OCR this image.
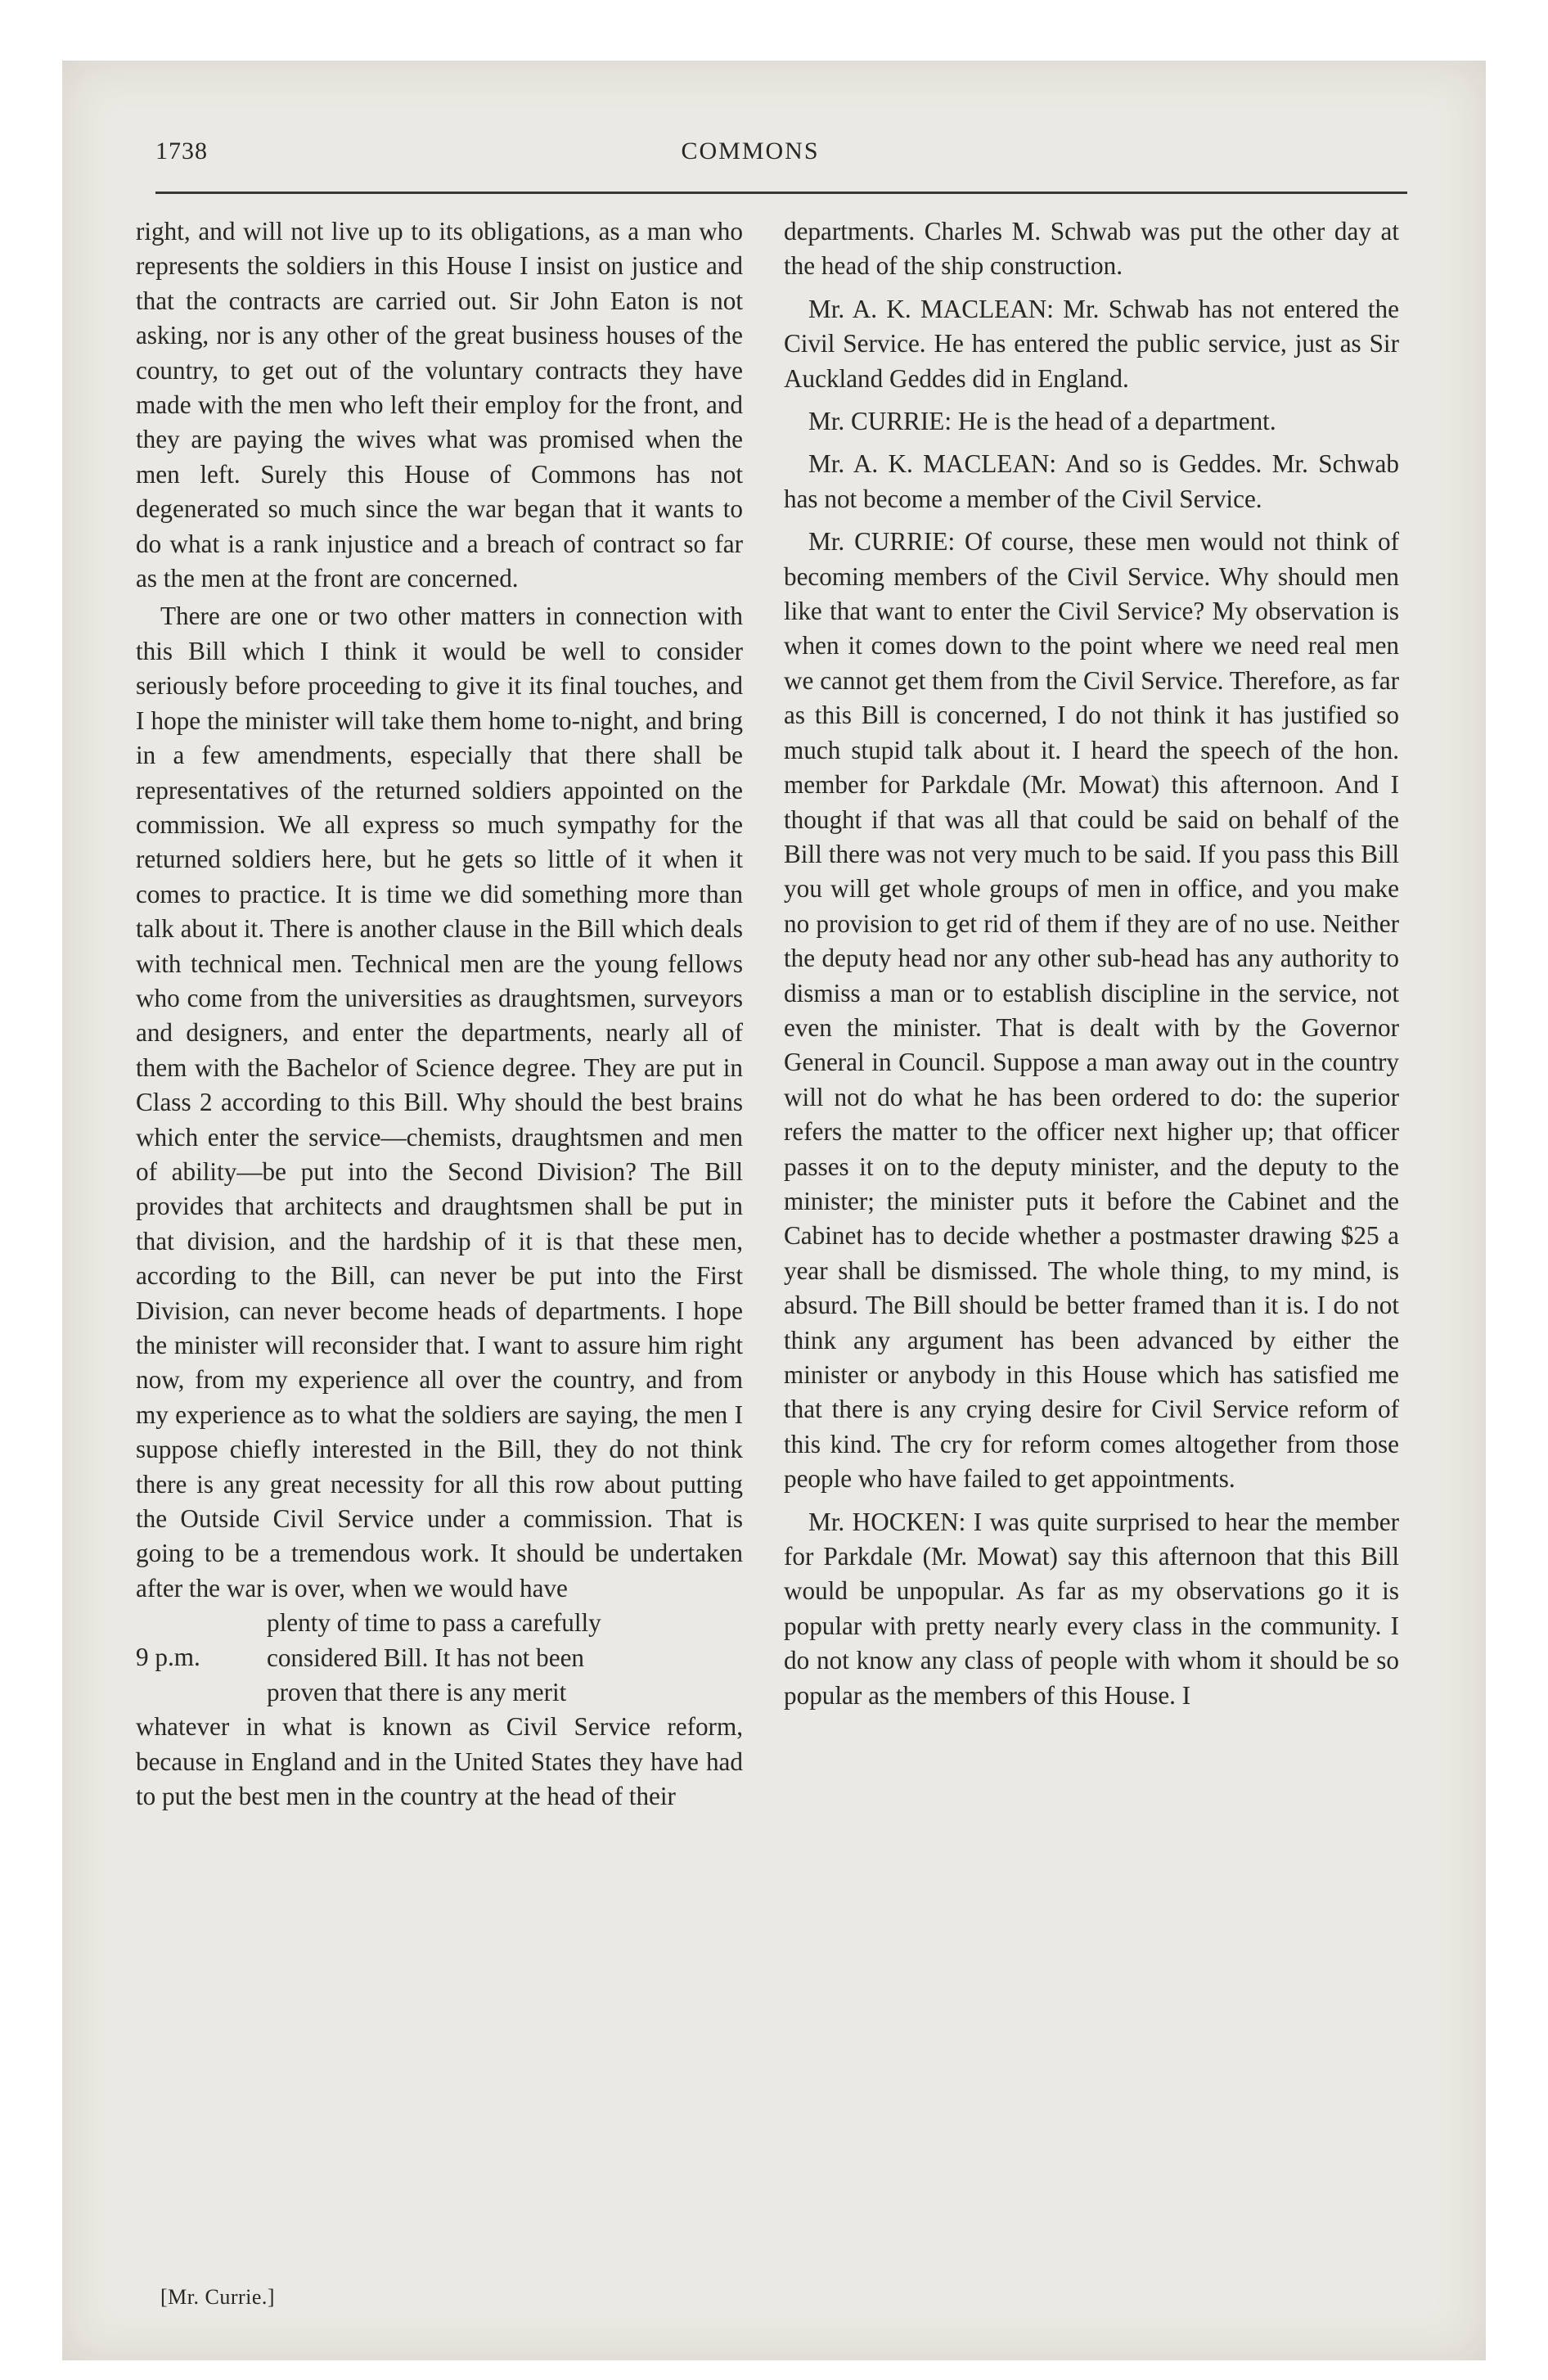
1738	COMMONS

right, and will not live up to its obligations, as a man who represents the soldiers in this House I insist on justice and that the contracts are carried out. Sir John Eaton is not asking, nor is any other of the great business houses of the country, to get out of the voluntary contracts they have made with the men who left their employ for the front, and they are paying the wives what was promised when the men left. Surely this House of Commons has not degenerated so much since the war began that it wants to do what is a rank injustice and a breach of contract so far as the men at the front are concerned.

There are one or two other matters in connection with this Bill which I think it would be well to consider seriously before proceeding to give it its final touches, and I hope the minister will take them home to-night, and bring in a few amendments, especially that there shall be representatives of the returned soldiers appointed on the commission. We all express so much sympathy for the returned soldiers here, but he gets so little of it when it comes to practice. It is time we did something more than talk about it. There is another clause in the Bill which deals with technical men. Technical men are the young fellows who come from the universities as draughtsmen, surveyors and designers, and enter the departments, nearly all of them with the Bachelor of Science degree. They are put in Class 2 according to this Bill. Why should the best brains which enter the service—chemists, draughtsmen and men of ability—be put into the Second Division? The Bill provides that architects and draughtsmen shall be put in that division, and the hardship of it is that these men, according to the Bill, can never be put into the First Division, can never become heads of departments. I hope the minister will reconsider that. I want to assure him right now, from my experience all over the country, and from my experience as to what the soldiers are saying, the men I suppose chiefly interested in the Bill, they do not think there is any great necessity for all this row about putting the Outside Civil Service under a commission. That is going to be a tremendous work. It should be undertaken after the war is over, when we would have

9 p.m.
plenty of time to pass a carefully
considered Bill. It has not been
proven that there is any merit

whatever in what is known as Civil Service reform, because in England and in the United States they have had to put the best men in the country at the head of their

departments. Charles M. Schwab was put the other day at the head of the ship construction.

Mr. A. K. MACLEAN: Mr. Schwab has not entered the Civil Service. He has entered the public service, just as Sir Auckland Geddes did in England.

Mr. CURRIE: He is the head of a department.

Mr. A. K. MACLEAN: And so is Geddes. Mr. Schwab has not become a member of the Civil Service.

Mr. CURRIE: Of course, these men would not think of becoming members of the Civil Service. Why should men like that want to enter the Civil Service? My observation is when it comes down to the point where we need real men we cannot get them from the Civil Service. Therefore, as far as this Bill is concerned, I do not think it has justified so much stupid talk about it. I heard the speech of the hon. member for Parkdale (Mr. Mowat) this afternoon. And I thought if that was all that could be said on behalf of the Bill there was not very much to be said. If you pass this Bill you will get whole groups of men in office, and you make no provision to get rid of them if they are of no use. Neither the deputy head nor any other sub-head has any authority to dismiss a man or to establish discipline in the service, not even the minister. That is dealt with by the Governor General in Council. Suppose a man away out in the country will not do what he has been ordered to do: the superior refers the matter to the officer next higher up; that officer passes it on to the deputy minister, and the deputy to the minister; the minister puts it before the Cabinet and the Cabinet has to decide whether a postmaster drawing $25 a year shall be dismissed. The whole thing, to my mind, is absurd. The Bill should be better framed than it is. I do not think any argument has been advanced by either the minister or anybody in this House which has satisfied me that there is any crying desire for Civil Service reform of this kind. The cry for reform comes altogether from those people who have failed to get appointments.

Mr. HOCKEN: I was quite surprised to hear the member for Parkdale (Mr. Mowat) say this afternoon that this Bill would be unpopular. As far as my observations go it is popular with pretty nearly every class in the community. I do not know any class of people with whom it should be so popular as the members of this House. I

[Mr. Currie.]
